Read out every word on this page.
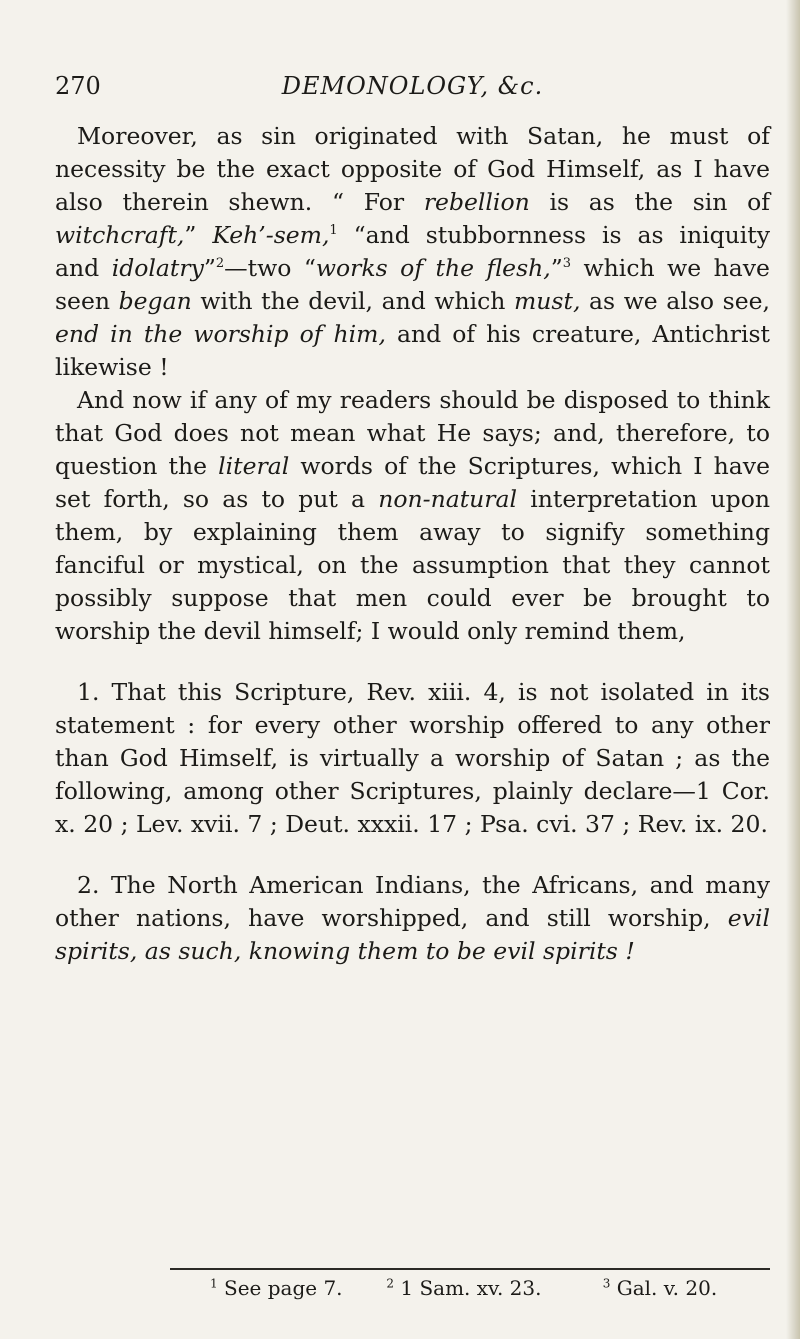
270	DEMONOLOGY, &c.

Moreover, as sin originated with Satan, he must of necessity be the exact opposite of God Himself, as I have also therein shewn. “ For rebellion is as the sin of witchcraft,” Keh’-sem,$^1$ “and stubbornness is as iniquity and idolatry”$^2$—two “works of the flesh,”$^3$ which we have seen began with the devil, and which must, as we also see, end in the worship of him, and of his creature, Antichrist likewise !

And now if any of my readers should be disposed to think that God does not mean what He says; and, therefore, to question the literal words of the Scriptures, which I have set forth, so as to put a non-natural interpretation upon them, by explaining them away to signify something fanciful or mystical, on the assumption that they cannot possibly suppose that men could ever be brought to worship the devil himself; I would only remind them,

1. That this Scripture, Rev. xiii. 4, is not isolated in its statement : for every other worship offered to any other than God Himself, is virtually a worship of Satan ; as the following, among other Scriptures, plainly declare—1 Cor. x. 20 ; Lev. xvii. 7 ; Deut. xxxii. 17 ; Psa. cvi. 37 ; Rev. ix. 20.

2. The North American Indians, the Africans, and many other nations, have worshipped, and still worship, evil spirits, as such, knowing them to be evil spirits !

$^1$ See page 7.	$^2$ 1 Sam. xv. 23.	$^3$ Gal. v. 20.
